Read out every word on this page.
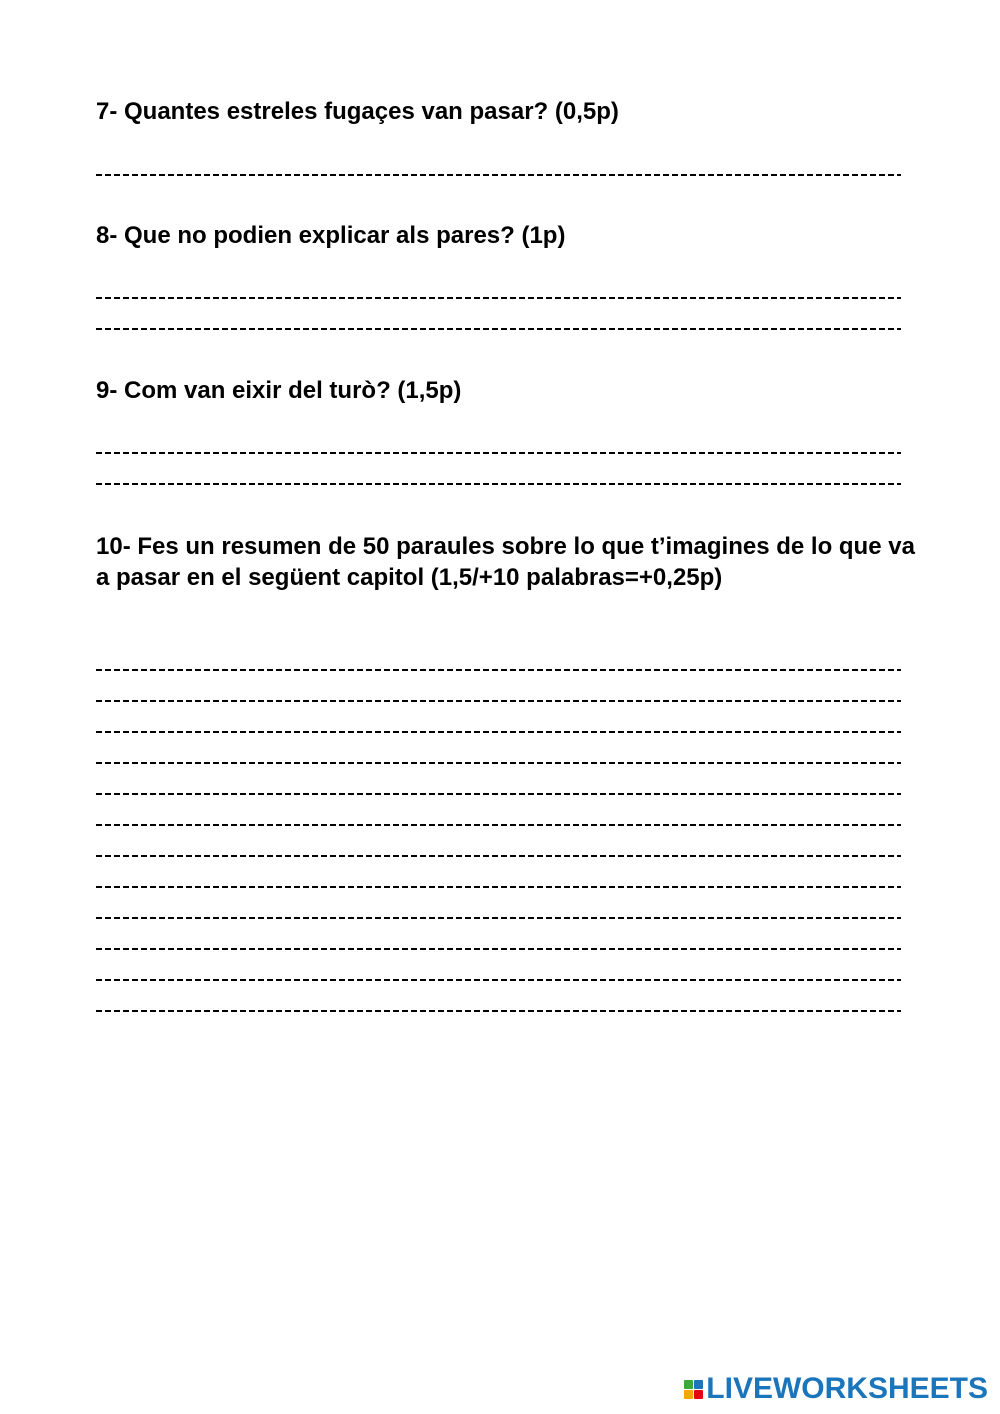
7- Quantes estreles fugaçes van pasar? (0,5p)

8- Que no podien explicar als pares? (1p)

9- Com van eixir del turò? (1,5p)

10- Fes un resumen de 50 paraules sobre lo que t’imagines de lo que va a pasar en el següent capitol (1,5/+10 palabras=+0,25p)

LIVEWORKSHEETS
